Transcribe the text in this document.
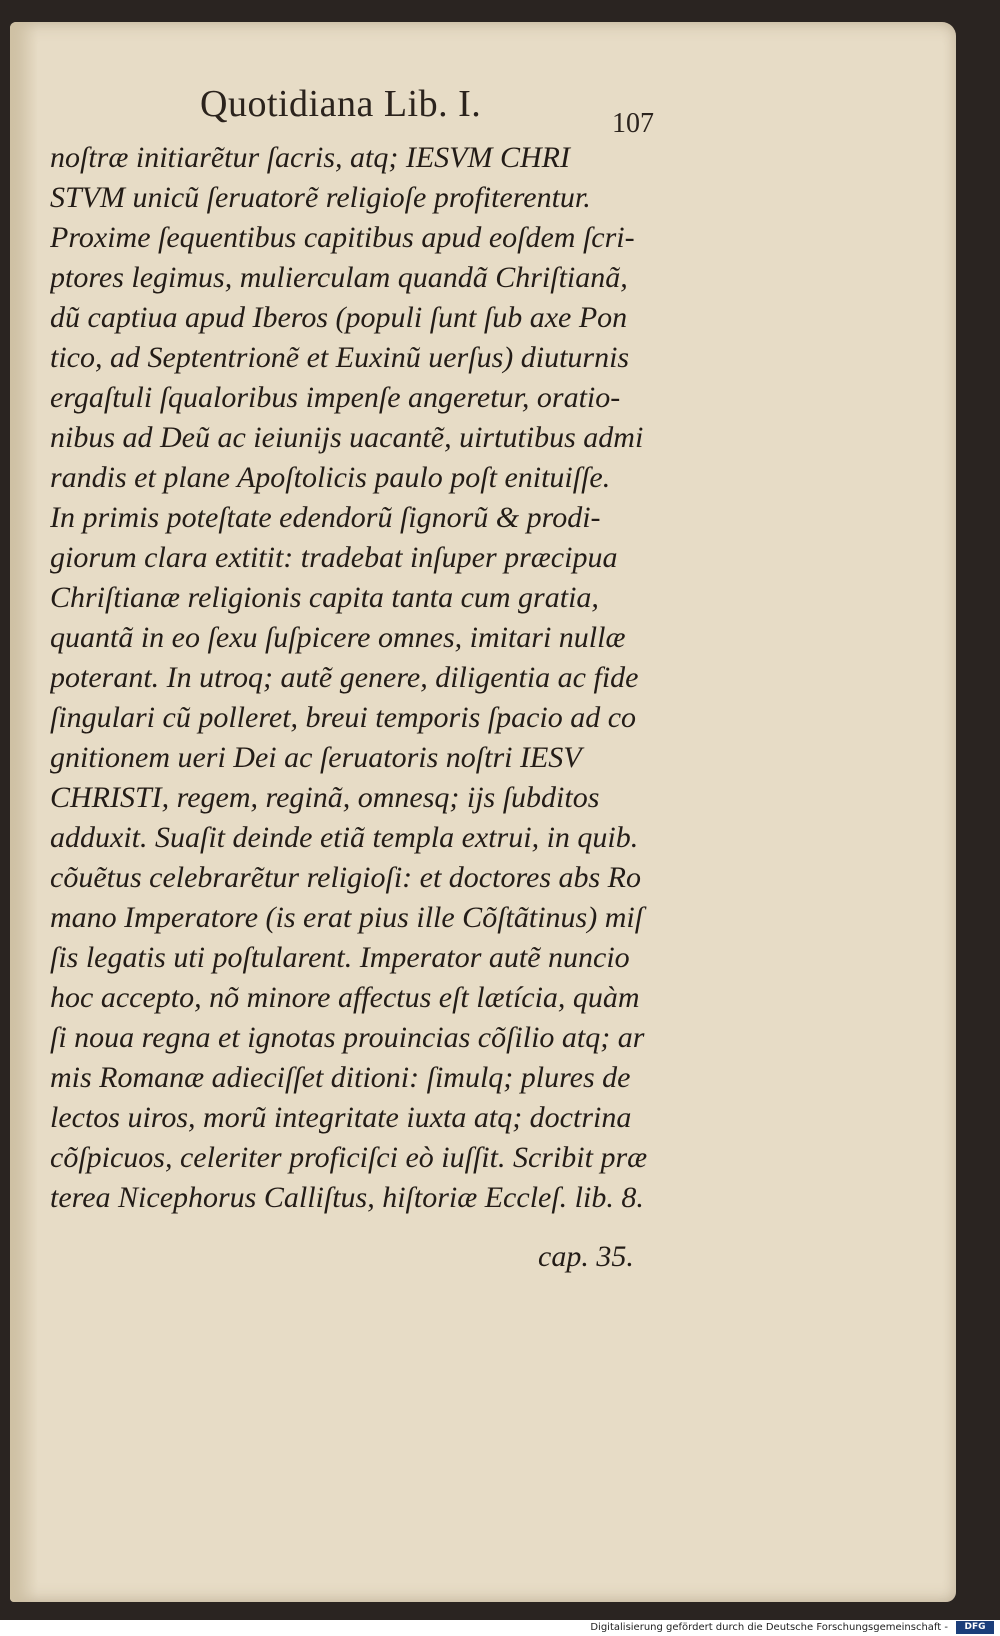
Quotidiana Lib. I.	107
noſtræ initiarẽtur ſacris, atq; IESVM CHRI
STVM unicũ ſeruatorẽ religioſe profiterentur.
Proxime ſequentibus capitibus apud eoſdem ſcri-
ptores legimus, mulierculam quandã Chriſtianã,
dũ captiua apud Iberos (populi ſunt ſub axe Pon
tico, ad Septentrionẽ et Euxinũ uerſus) diuturnis
ergaſtuli ſqualoribus impenſe angeretur, oratio-
nibus ad Deũ ac ieiunijs uacantẽ, uirtutibus admi
randis et plane Apoſtolicis paulo poſt enituiſſe.
In primis poteſtate edendorũ ſignorũ & prodi-
giorum clara extitit: tradebat inſuper præcipua
Chriſtianæ religionis capita tanta cum gratia,
quantã in eo ſexu ſuſpicere omnes, imitari nullæ
poterant. In utroq; autẽ genere, diligentia ac fide
ſingulari cũ polleret, breui temporis ſpacio ad co
gnitionem ueri Dei ac ſeruatoris noſtri IESV
CHRISTI, regem, reginã, omnesq; ijs ſubditos
adduxit. Suaſit deinde etiã templa extrui, in quib.
cõuẽtus celebrarẽtur religioſi: et doctores abs Ro
mano Imperatore (is erat pius ille Cõſtãtinus) miſ
ſis legatis uti poſtularent. Imperator autẽ nuncio
hoc accepto, nõ minore affectus eſt lætícia, quàm
ſi noua regna et ignotas prouincias cõſilio atq; ar
mis Romanæ adieciſſet ditioni: ſimulq; plures de
lectos uiros, morũ integritate iuxta atq; doctrina
cõſpicuos, celeriter proficiſci eò iuſſit. Scribit præ
terea Nicephorus Calliſtus, hiſtoriæ Eccleſ. lib. 8.
cap. 35.
Digitalisierung gefördert durch die Deutsche Forschungsgemeinschaft -	DFG
